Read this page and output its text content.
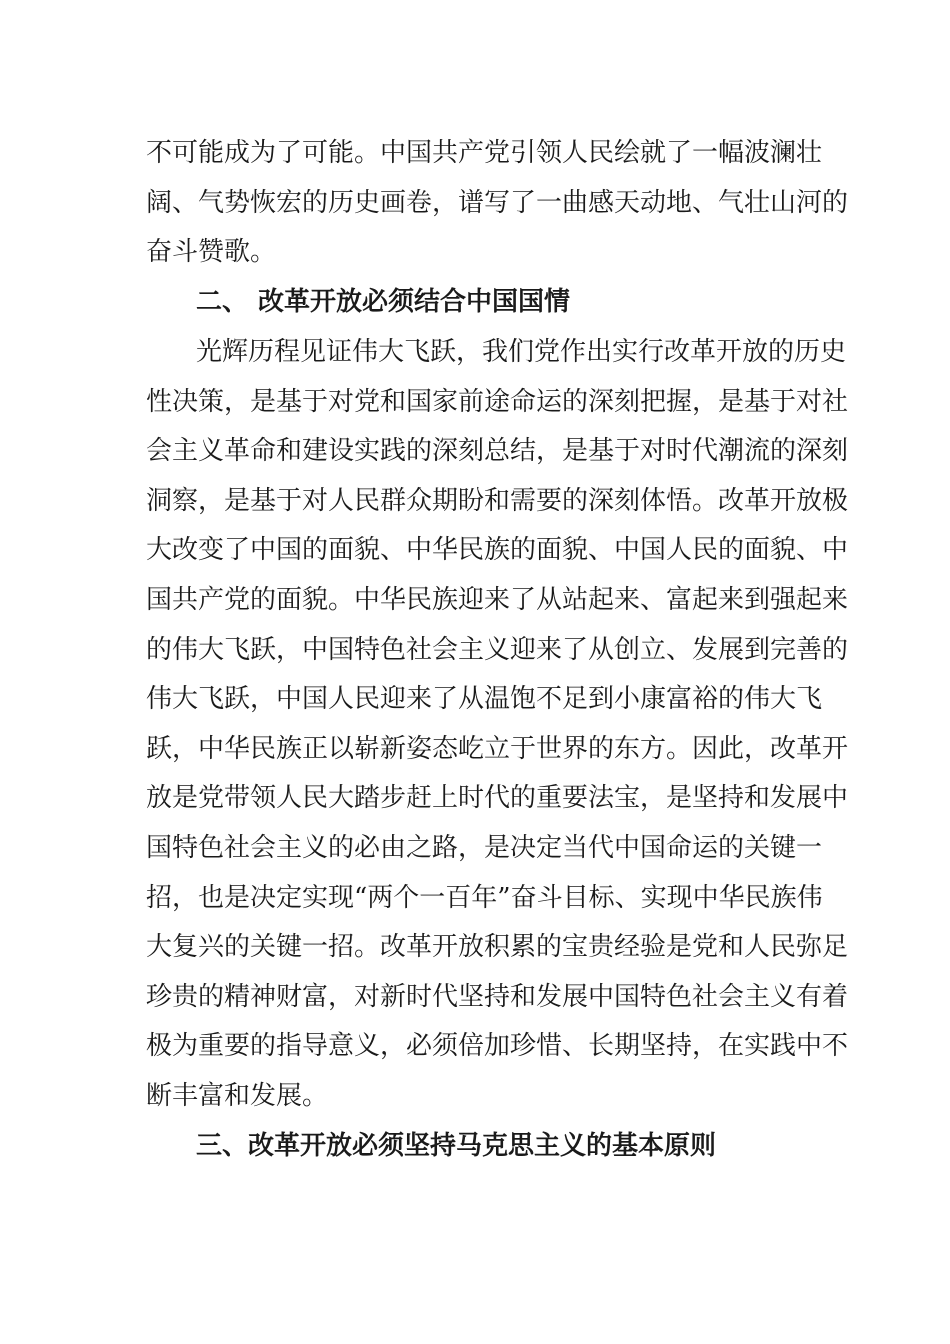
不可能成为了可能。中国共产党引领人民绘就了一幅波澜壮
阔、气势恢宏的历史画卷，谱写了一曲感天动地、气壮山河的
奋斗赞歌。
二、 改革开放必须结合中国国情
光辉历程见证伟大飞跃，我们党作出实行改革开放的历史
性决策，是基于对党和国家前途命运的深刻把握，是基于对社
会主义革命和建设实践的深刻总结，是基于对时代潮流的深刻
洞察，是基于对人民群众期盼和需要的深刻体悟。改革开放极
大改变了中国的面貌、中华民族的面貌、中国人民的面貌、中
国共产党的面貌。中华民族迎来了从站起来、富起来到强起来
的伟大飞跃，中国特色社会主义迎来了从创立、发展到完善的
伟大飞跃，中国人民迎来了从温饱不足到小康富裕的伟大飞
跃，中华民族正以崭新姿态屹立于世界的东方。因此，改革开
放是党带领人民大踏步赶上时代的重要法宝，是坚持和发展中
国特色社会主义的必由之路，是决定当代中国命运的关键一
招，也是决定实现“两个一百年”奋斗目标、实现中华民族伟
大复兴的关键一招。改革开放积累的宝贵经验是党和人民弥足
珍贵的精神财富，对新时代坚持和发展中国特色社会主义有着
极为重要的指导意义，必须倍加珍惜、长期坚持，在实践中不
断丰富和发展。
三、改革开放必须坚持马克思主义的基本原则
